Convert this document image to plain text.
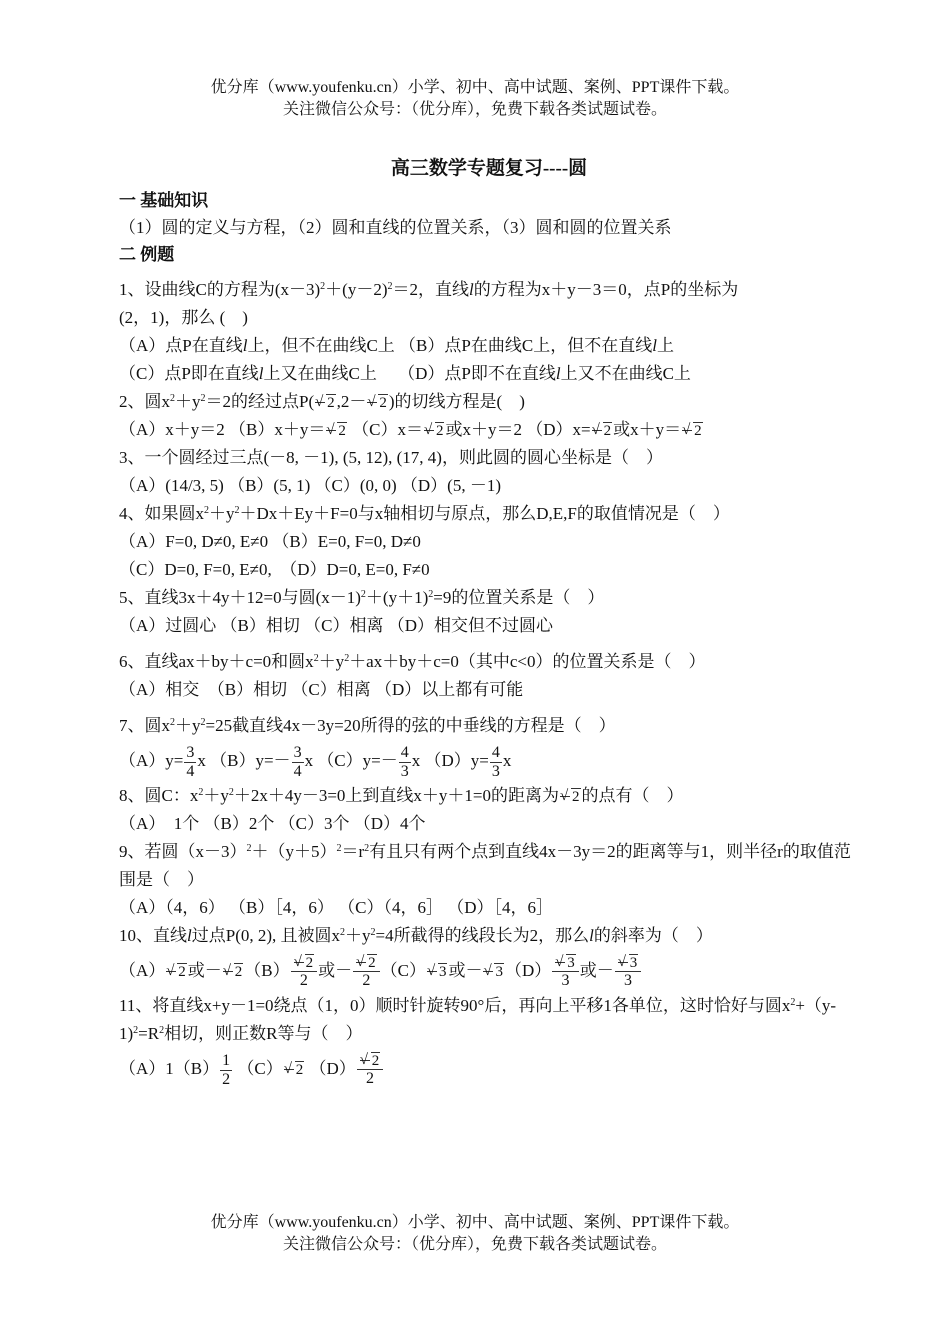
优分库（www.youfenku.cn）小学、初中、高中试题、案例、PPT课件下载。
关注微信公众号：（优分库），免费下载各类试题试卷。
高三数学专题复习----圆
一 基础知识
（1）圆的定义与方程，（2）圆和直线的位置关系，（3）圆和圆的位置关系
二 例题
1、设曲线C的方程为$(x-3)^2+(y-2)^2=2$，直线l的方程为x＋y－3＝0，点P的坐标为
(2，1)，那么 (　)
（A）点P在直线l上，但不在曲线C上 （B）点P在曲线C上，但不在直线l上
（C）点P即在直线l上又在曲线C上　 （D）点P即不在直线l上又不在曲线C上
2、圆$x^2+y^2=2$的经过点P( 2 √ ,2－ 2 √ )的切线方程是(　)
（A）x＋y＝2 （B）x＋y＝ 2 √ （C）x＝ 2 √ 或x＋y＝2 （D）x= 2 √ 或x＋y＝ 2 √
3、一个圆经过三点(－8, －1), (5, 12), (17, 4)，则此圆的圆心坐标是（　）
（A）(14/3, 5) （B）(5, 1) （C）(0, 0) （D）(5, －1)
4、如果圆$x^2+y^2+Dx+Ey+F=0$与x轴相切与原点，那么D,E,F的取值情况是（　）
（A）F=0, D≠0, E≠0 （B）E=0, F=0, D≠0
（C）D=0, F=0, E≠0,　（D）D=0, E=0, F≠0
5、直线3x＋4y＋12=0与圆$(x-1)^2+(y+1)^2=9$的位置关系是（　）
（A）过圆心 （B）相切 （C）相离 （D）相交但不过圆心
6、直线ax＋by＋c=0和圆$x^2+y^2+ax+by+c=0$（其中c<0）的位置关系是（　）
（A）相交　（B）相切 （C）相离 （D）以上都有可能
7、圆$x^2+y^2=25$截直线4x－3y=20所得的弦的中垂线的方程是（　）
$(A)y= \frac{3}{4}$ x $(B)y=- \frac{3}{4}$ x $(C)y=- \frac{4}{3}$ x $(D)y= \frac{4}{3}$ x
8、圆C：$x^2+y^2+2x+4y-3=0$上到直线x＋y＋1=0的距离为 2 √ 的点有（　）
（A）　1个 （B）2个 （C）3个 （D）4个
9、若圆$(x-3)^2+(y+5)^2=r^2$有且只有两个点到直线4x－3y＝2的距离等与1，则半径r的取值范围是（　）
（A）（4，6） （B）［4，6） （C）（4，6］ （D）［4，6］
10、直线l过点P(0, 2), 且被圆$x^2+y^2=4$所截得的线段长为2，那么l的斜率为（　）
（A） 2 √ 或－ 2 √ $(B) \frac{2 √}{2}$ 或－ $\frac{2 √}{2} (C)$ 3 √ 或－ 3 √ $(D) \frac{3 √}{3}$ 或－ $\frac{3 √}{3}$
11、将直线x+y－1=0绕点（1，0）顺时针旋转90°后，再向上平移1各单位，这时恰好与圆$x^2+(y-1)^2=R^2$相切，则正数R等与（　）
$(A)1(B) \frac{1}{2} (C)$ 2 √ $(D) \frac{2 √}{2}$
优分库（www.youfenku.cn）小学、初中、高中试题、案例、PPT课件下载。
关注微信公众号：（优分库），免费下载各类试题试卷。
